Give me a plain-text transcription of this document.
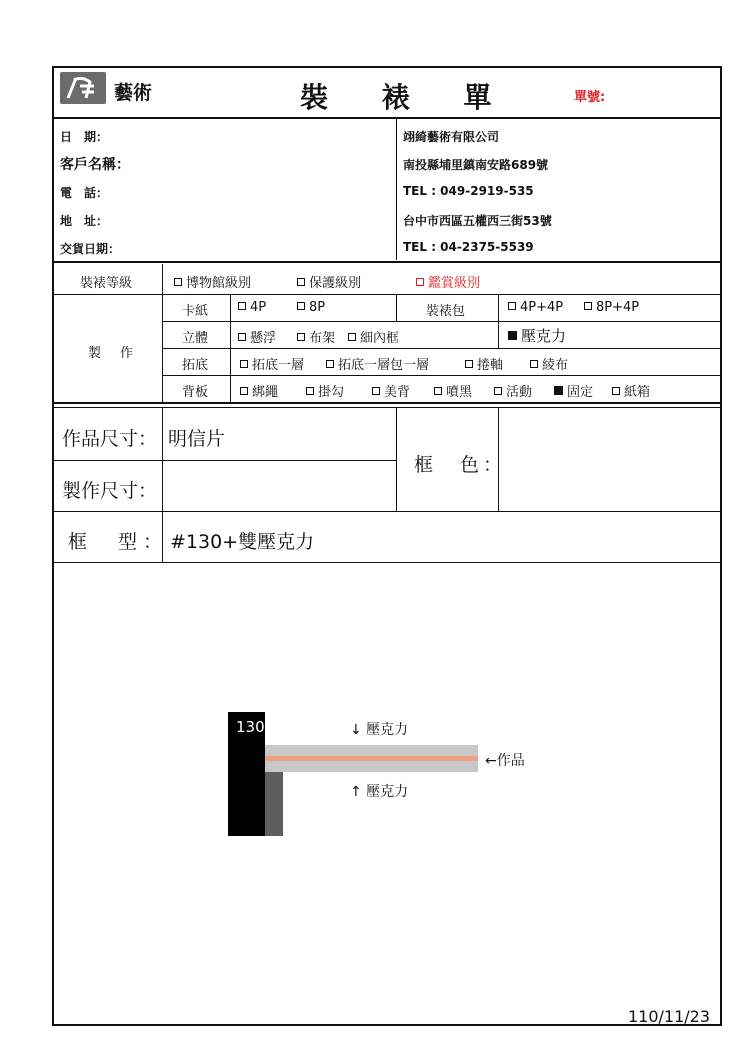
藝術	裝 裱 單	單號:
日　期：
客戶名稱：
電　話：
地　址：
交貨日期：
翊綺藝術有限公司
南投縣埔里鎮南安路689號
TEL : 049-2919-535
台中市西區五權西三街53號
TEL : 04-2375-5539
裝裱等級	博物館級別	保護級別	鑑賞級別
製　作
卡紙	4P	8P	裝裱包	4P+4P	8P+4P
立體	懸浮	布架	細內框	壓克力
拓底	拓底一層	拓底一層包一層	捲軸	綾布
背板	綁繩	掛勾	美背	噴黑	活動	固定	紙箱
作品尺寸： 明信片
製作尺寸：
框　色：
框　型： #130+雙壓克力
130	↓ 壓克力
↑ 壓克力
←作品
110/11/23
